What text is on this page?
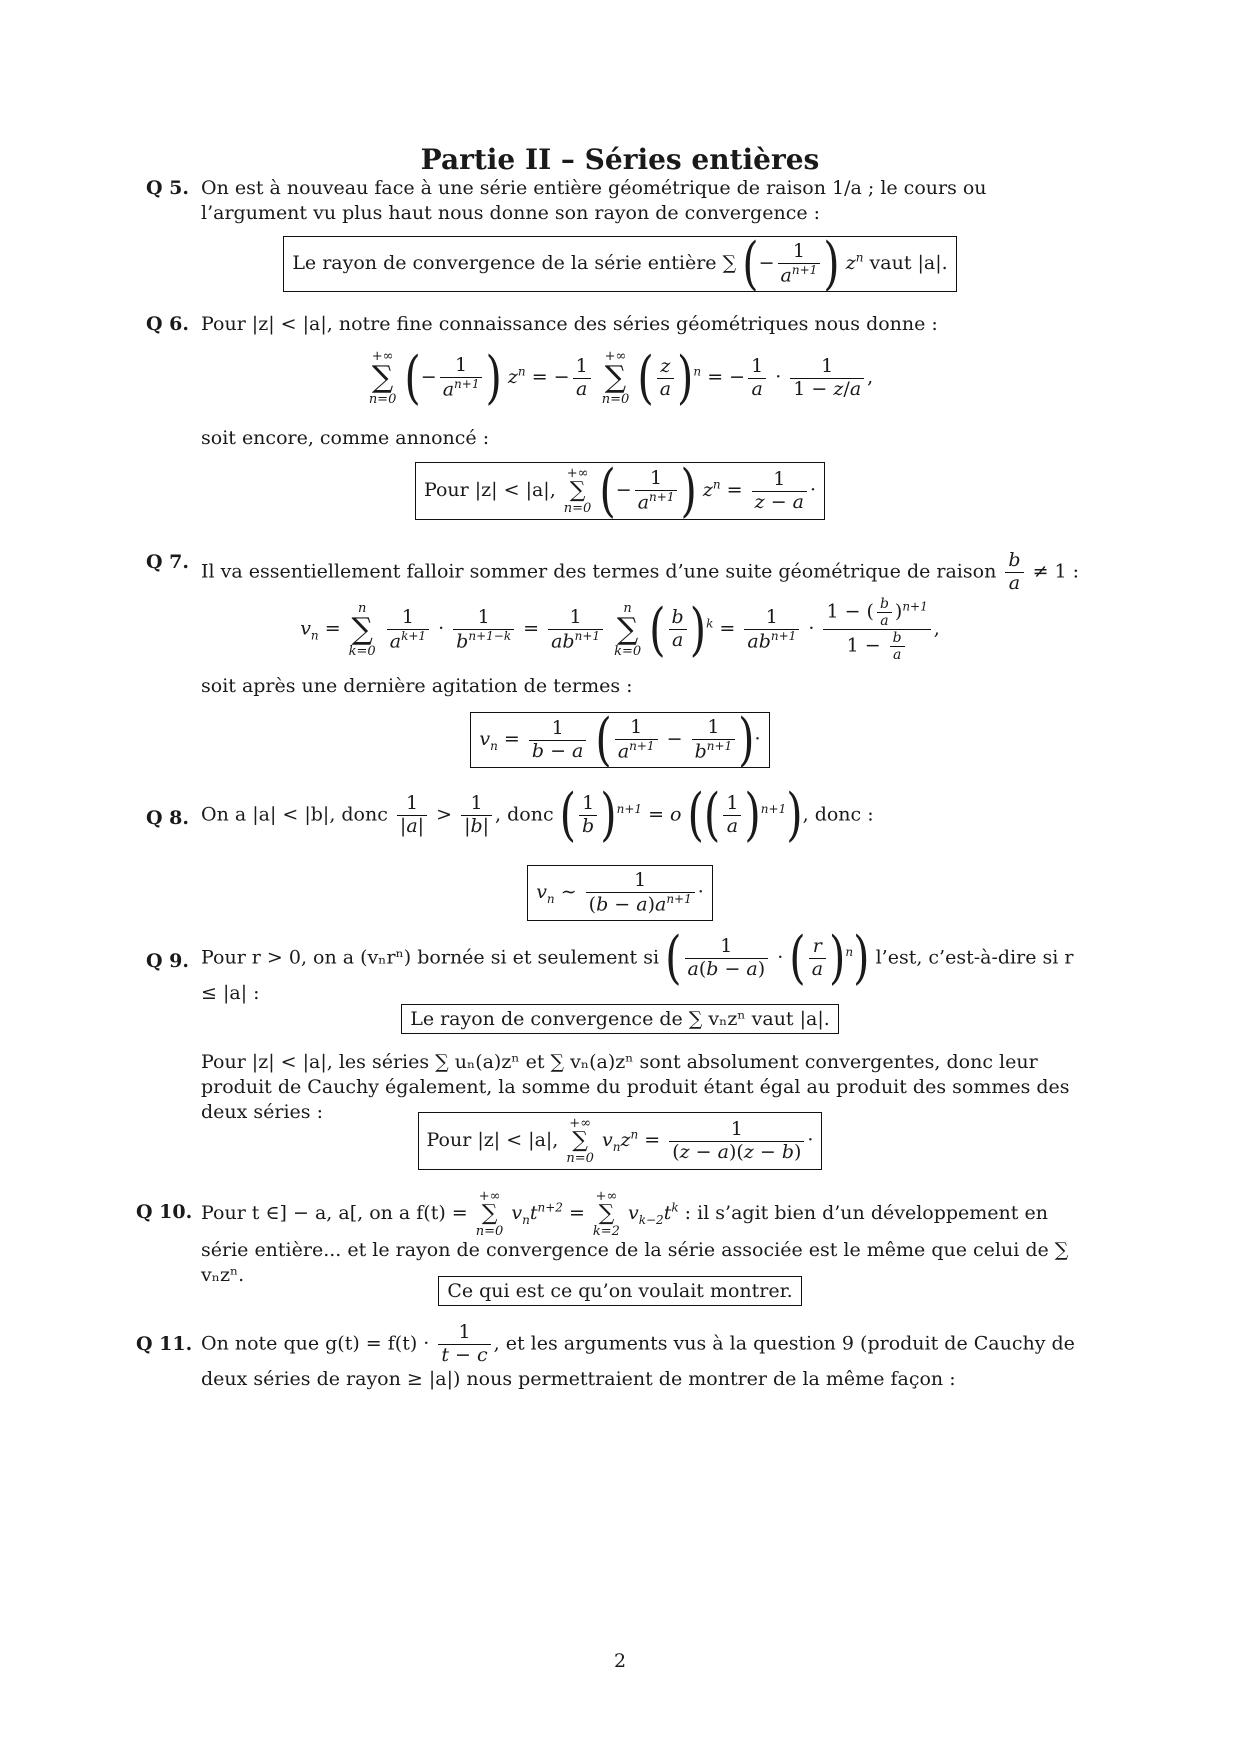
Partie II – Séries entières
Q 5. On est à nouveau face à une série entière géométrique de raison 1/a ; le cours ou l’argument vu plus haut nous donne son rayon de convergence :
Le rayon de convergence de la série entière ∑ (− $\frac{1}{a^{n+1}}$ ) $z^n$ vaut |a|.
Q 6. Pour |z| < |a|, notre fine connaissance des séries géométriques nous donne :
+∞
∑
n=0 (− $\frac{1}{a^{n+1}}$ ) $z^n$ = − $\frac{1}{a}$
+∞
∑
n=0 ( $\frac{z}{a} )^n$ = − $\frac{1}{a} \cdot \frac{1}{1 - z/a}$ ,
soit encore, comme annoncé :
Pour |z| < |a|,
+∞
∑
n=0 (− $\frac{1}{a^{n+1}}$ ) $z^n = \frac{1}{z - a}$ ·
Q 7. Il va essentiellement falloir sommer des termes d’une suite géométrique de raison $\frac{b}{a} \ne 1$ :
$v_n$ =
n
∑
k=0
$\frac{1}{a^{k+1}} \cdot \frac{1}{b^{n+1-k}} = \frac{1}{ab^{n+1}}$
	n
∑
k=0 ( $\frac{b}{a} )^k = \frac{1}{ab^{n+1}} \cdot \frac{1 - ( \frac{b}{a} )^{n+1}}{1 - \frac{b}{a}}$ ,
soit après une dernière agitation de termes :
$v_n = \frac{1}{b - a}$ ( $\frac{1}{a^{n+1}} - \frac{1}{b^{n+1}}$ )·
Q 8. On a |a| < |b|, donc $\frac{1}{|a|} > \frac{1}{|b|}$ , donc ( $\frac{1}{b} )^{n+1} = o$ (( $\frac{1}{a} )^{n+1}$), donc :
$v_n$ ∼ $\frac{1}{(b - a)a^{n+1}}$ ·
Q 9. Pour r > 0, on a (vₙrⁿ) bornée si et seulement si ( $\frac{1}{a(b - a)}$ · ( $\frac{r}{a} )^n$) l’est, c’est-à-dire si r ≤ |a| :
Le rayon de convergence de ∑ vₙzⁿ vaut |a|.
Pour |z| < |a|, les séries ∑ uₙ(a)zⁿ et ∑ vₙ(a)zⁿ sont absolument convergentes, donc leur produit de Cauchy également, la somme du produit étant égal au produit des sommes des deux séries :
Pour |z| < |a|,
+∞
∑
n=0
$v_nz^n = \frac{1}{(z - a)(z - b)}$ ·
Q 10. Pour t ∈] − a, a[, on a f(t) =
+∞
∑
n=0
$v_nt^{n+2}$ =
+∞
∑
k=2
$v_{k-2}t^k$ : il s’agit bien d’un développement en série entière... et le rayon de convergence de la série associée est le même que celui de ∑ vₙzⁿ.
Ce qui est ce qu’on voulait montrer.
Q 11. On note que $g(t) = f(t) \cdot \frac{1}{t - c}$ , et les arguments vus à la question 9 (produit de Cauchy de deux séries de rayon ≥ |a|) nous permettraient de montrer de la même façon :
2
